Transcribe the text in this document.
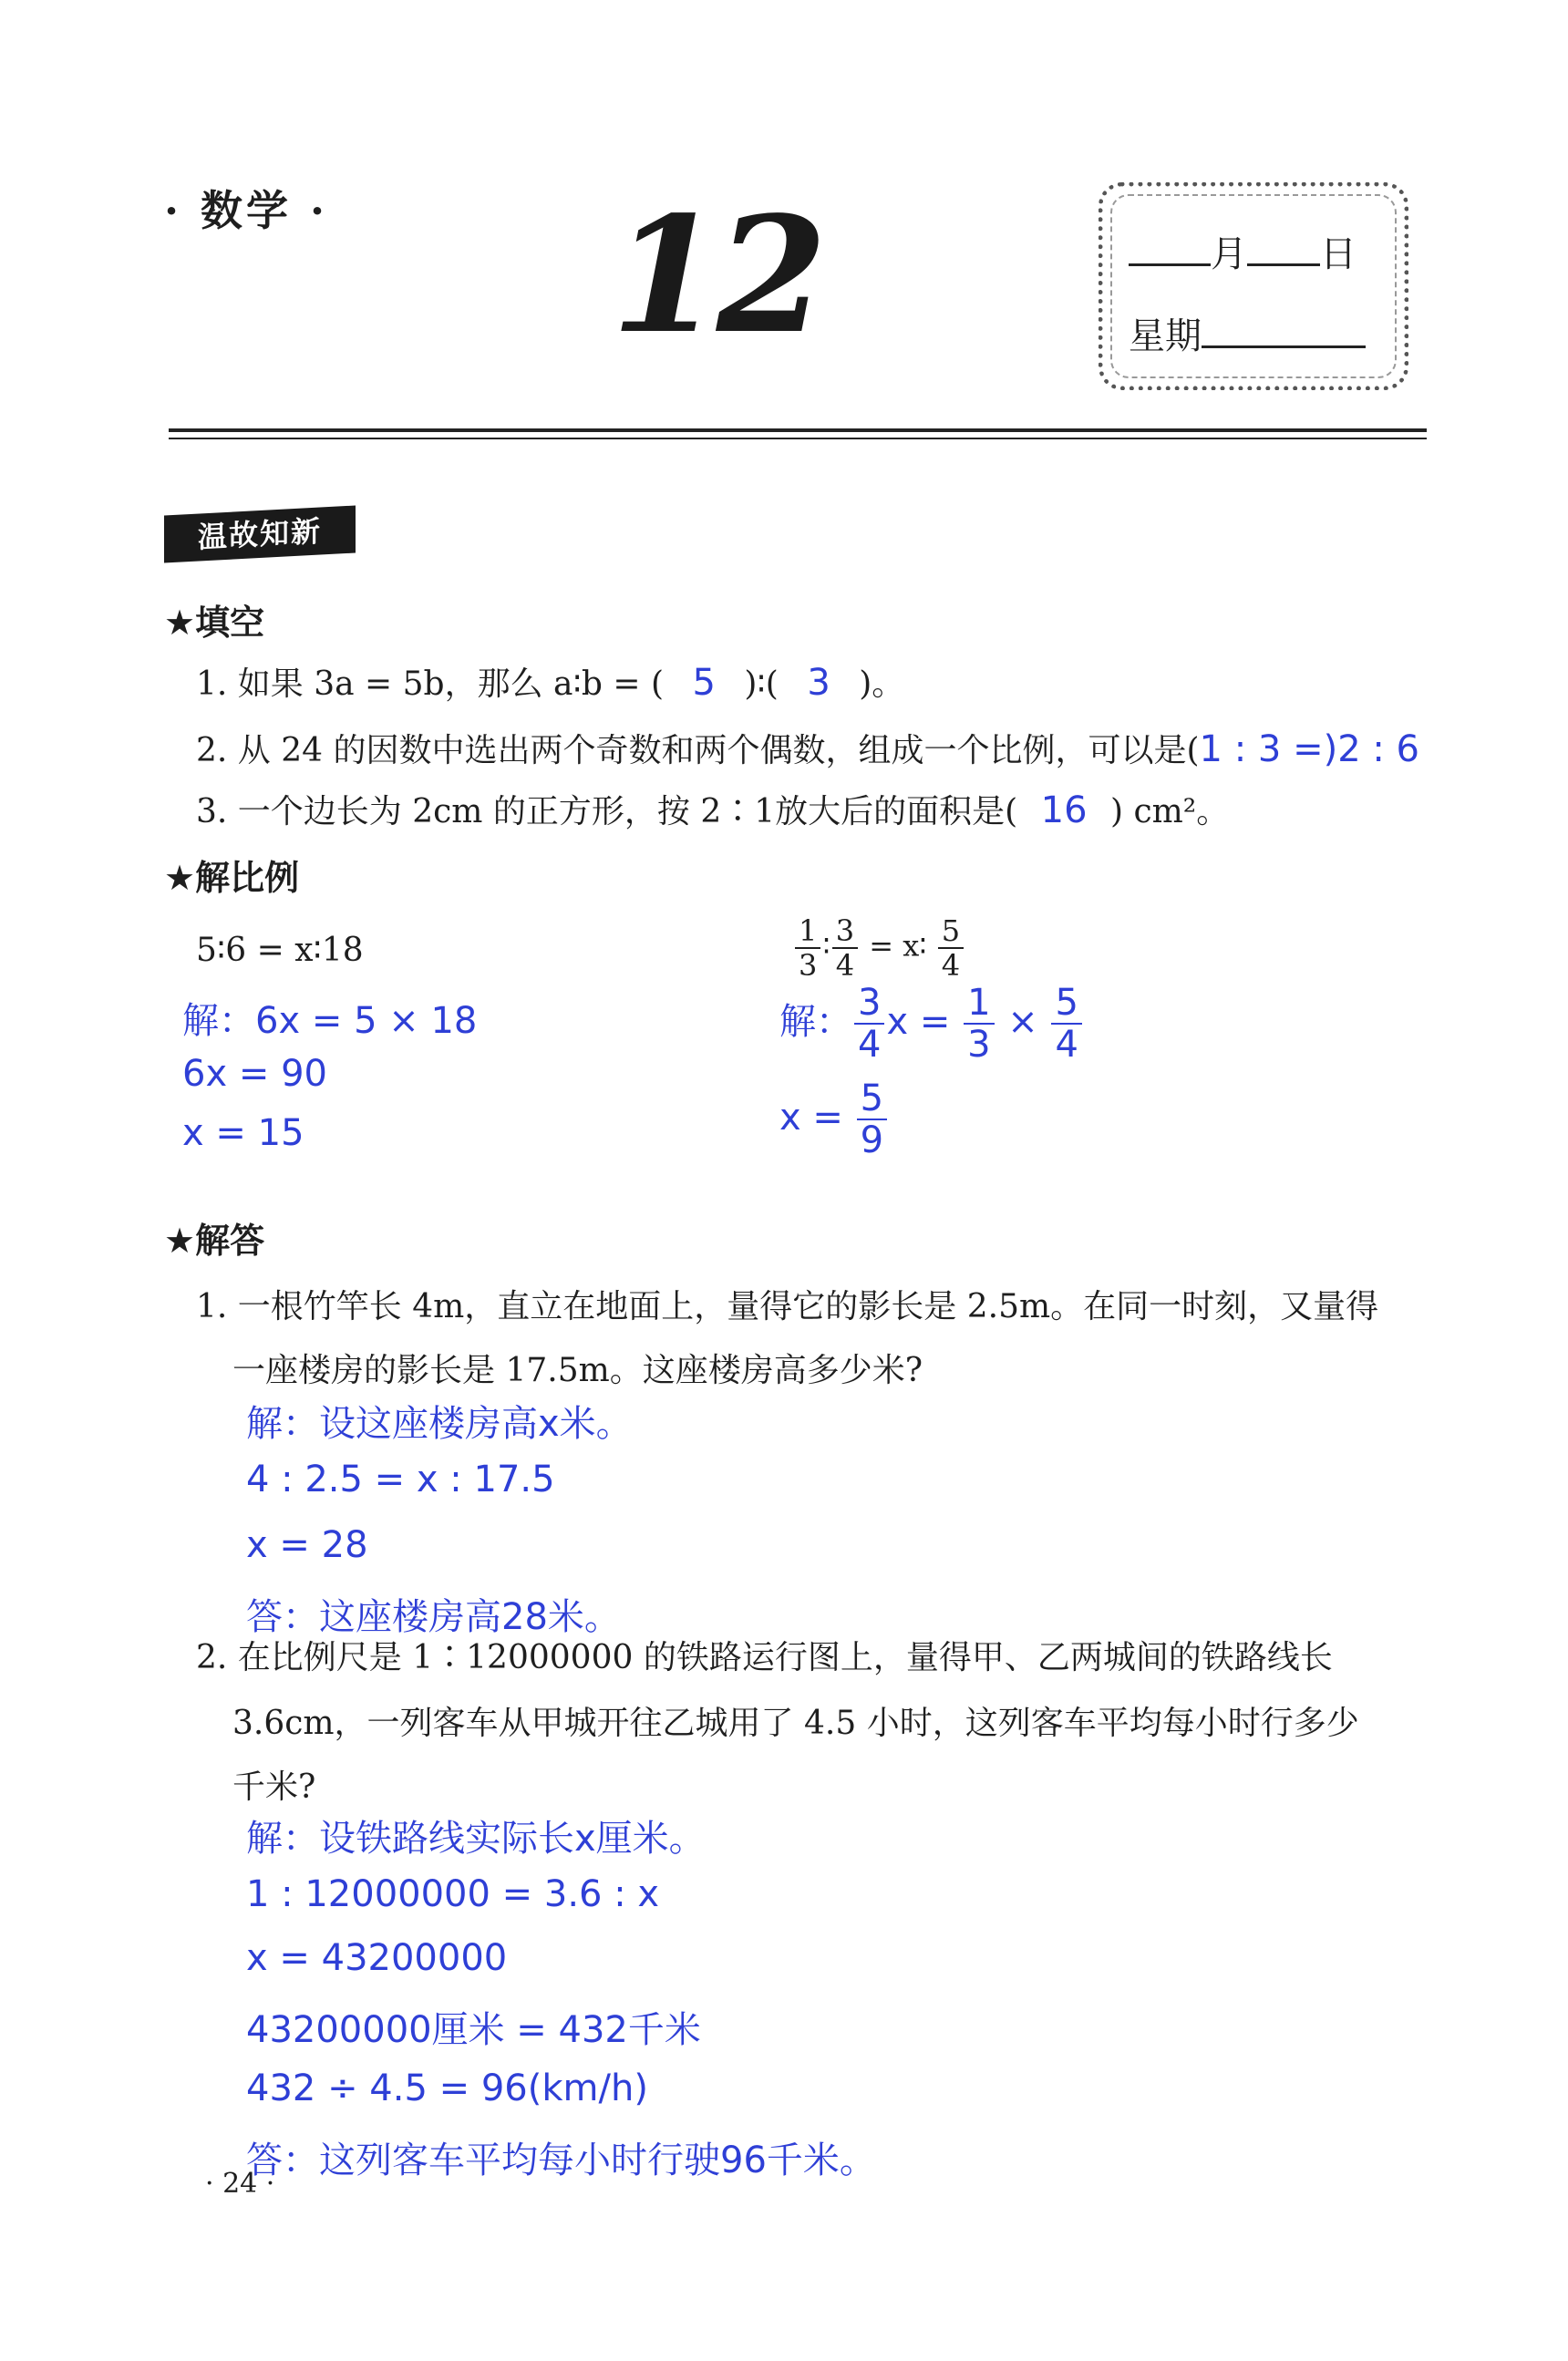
· 数学 · 12	月 日
星期
温故知新
★填空
1. 如果 3a = 5b，那么 a∶b = ( 5 )∶( 3 )。
2. 从 24 的因数中选出两个奇数和两个偶数，组成一个比例，可以是(1 : 3 =)2 : 6
3. 一个边长为 2cm 的正方形，按 2∶1放大后的面积是( 16 ) cm²。
★解比例
5∶6 = x∶18
解：6x = 5 × 18
6x = 90
x = 15
$\frac{1}{3}$ ∶ $\frac{3}{4}$ = x∶ $\frac{5}{4}$
解： $\frac{3}{4}$ $x = \frac{1}{3} \times \frac{5}{4}$
$x = \frac{5}{9}$
★解答
1. 一根竹竿长 4m，直立在地面上，量得它的影长是 2.5m。在同一时刻，又量得
一座楼房的影长是 17.5m。这座楼房高多少米?
解：设这座楼房高x米。
4 : 2.5 = x : 17.5
x = 28
答：这座楼房高28米。
2. 在比例尺是 1∶12000000 的铁路运行图上，量得甲、乙两城间的铁路线长
3.6cm，一列客车从甲城开往乙城用了 4.5 小时，这列客车平均每小时行多少
千米?
解：设铁路线实际长x厘米。
1 : 12000000 = 3.6 : x
x = 43200000
43200000厘米 = 432千米
432 ÷ 4.5 = 96(km/h)
答：这列客车平均每小时行驶96千米。
· 24 ·
